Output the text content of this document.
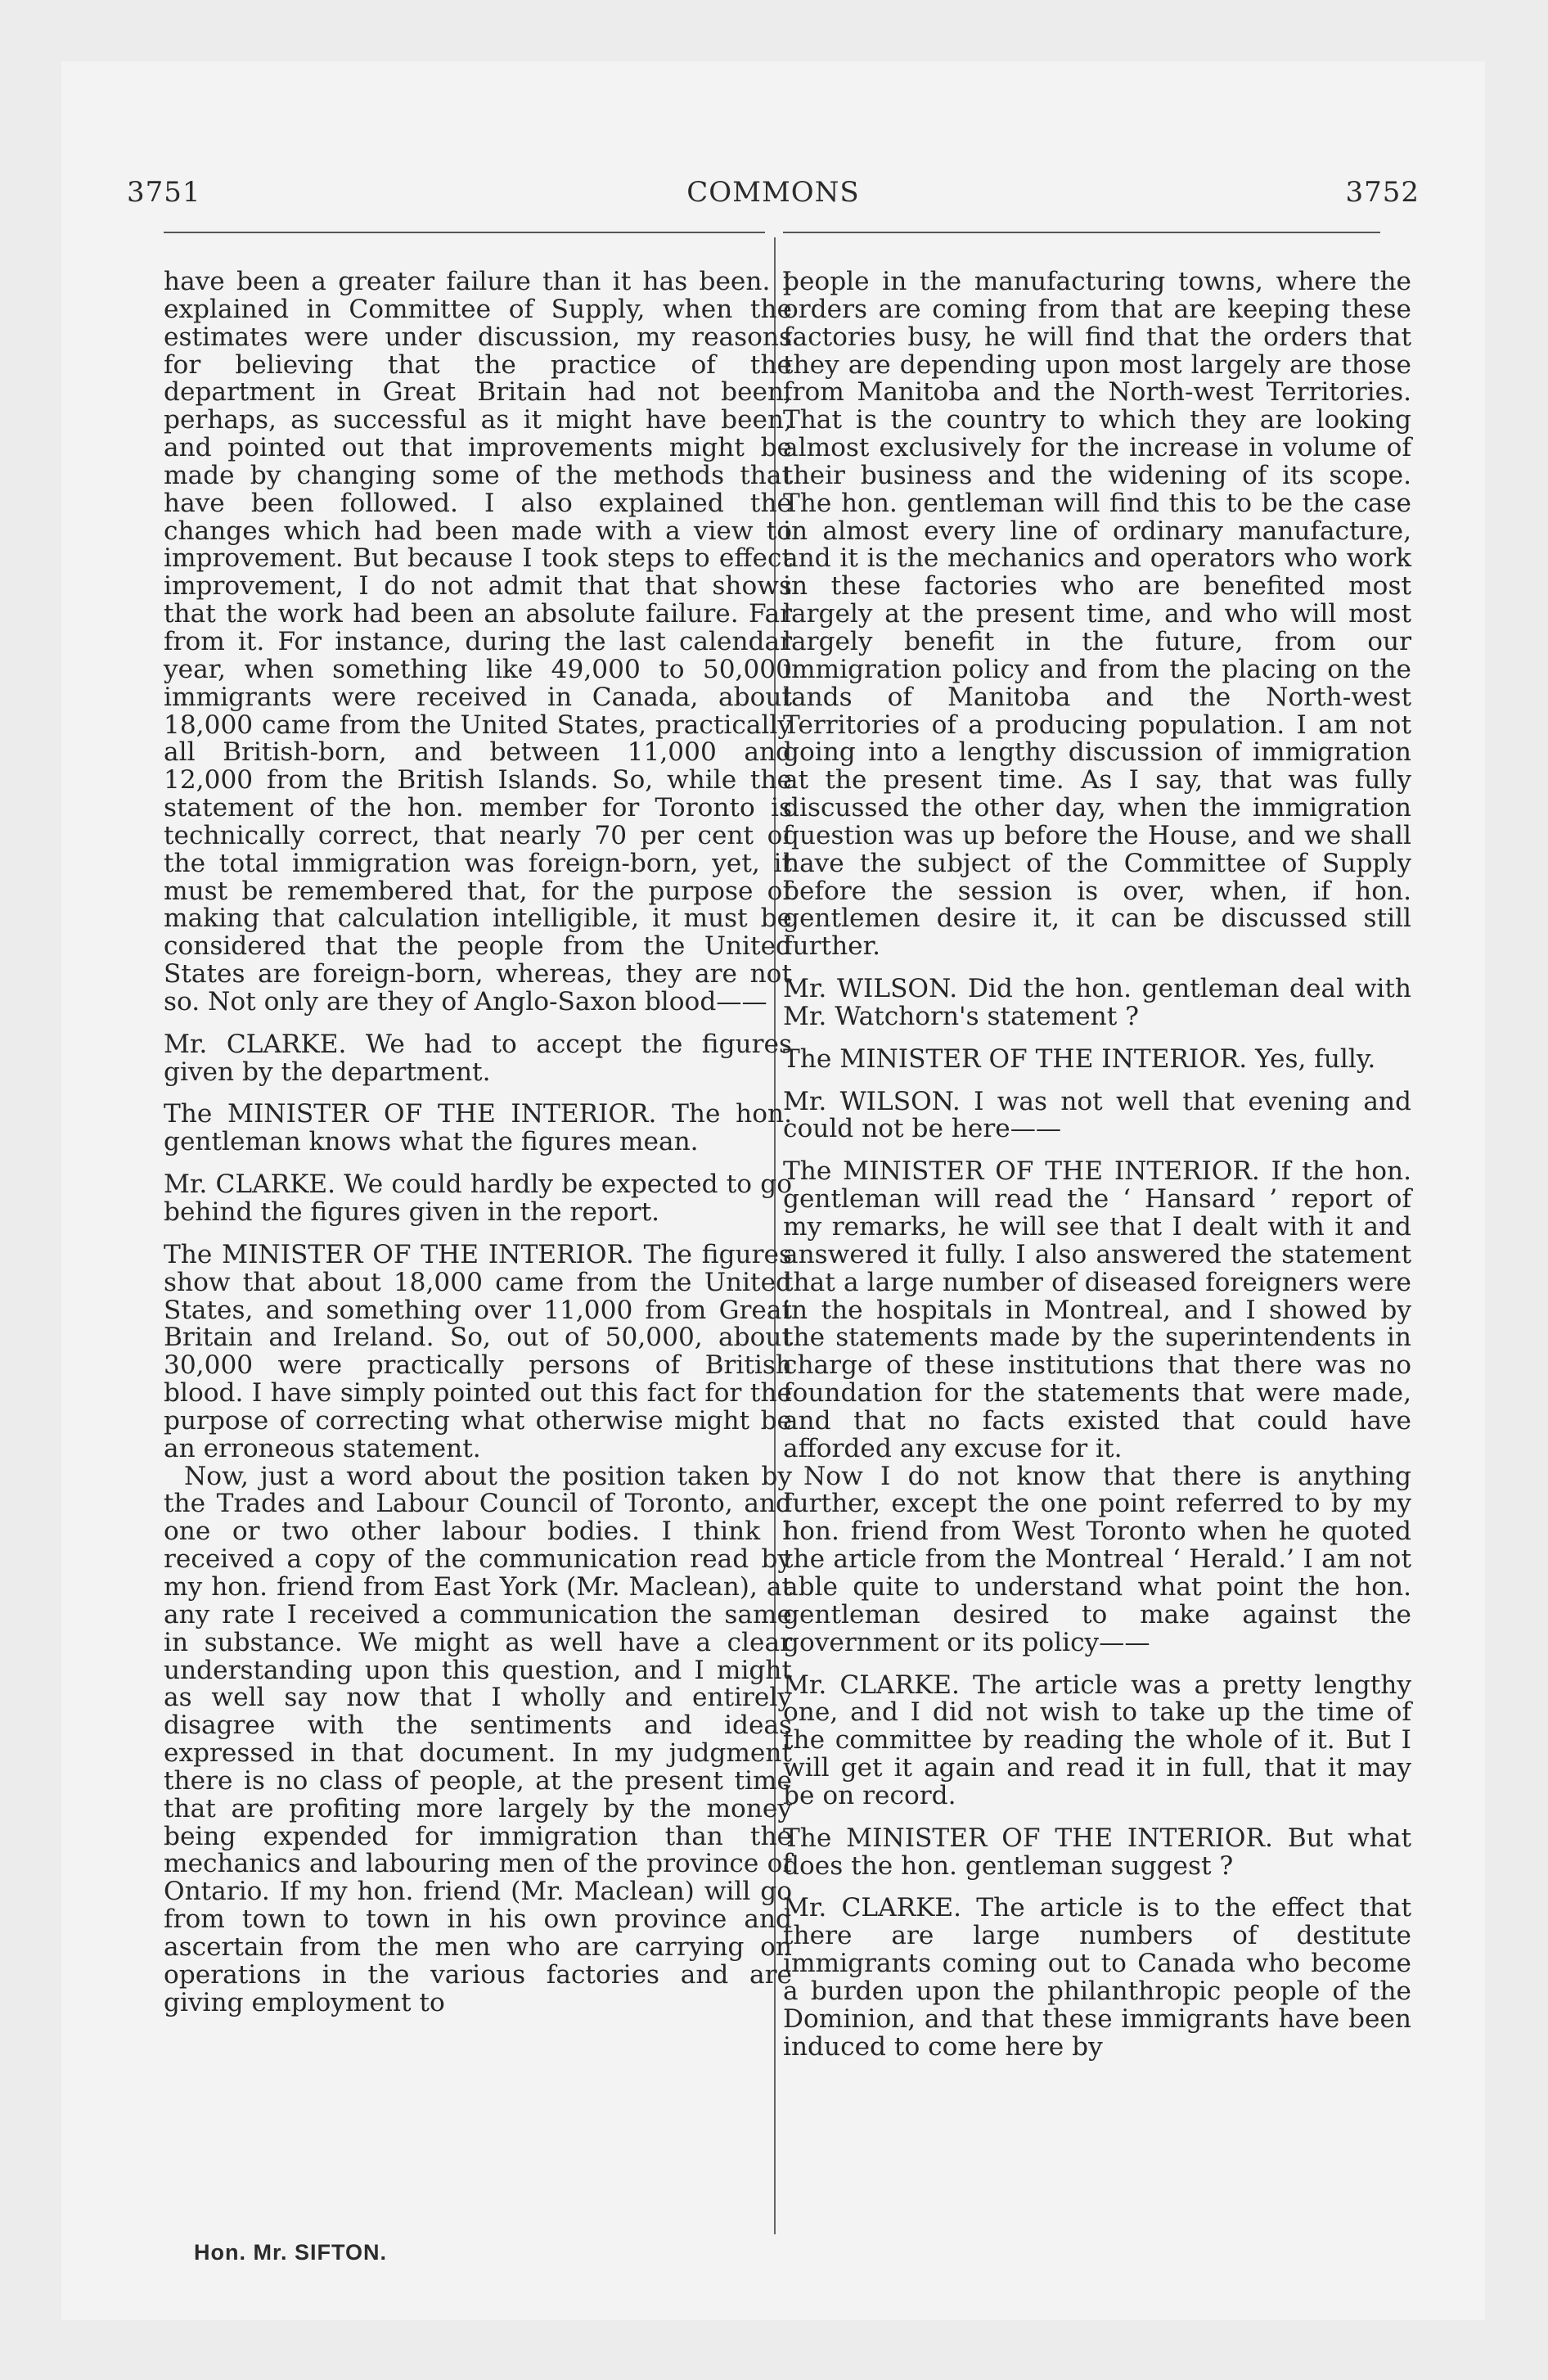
3751	COMMONS	3752

have been a greater failure than it has been. I explained in Committee of Supply, when the estimates were under discussion, my reasons for believing that the practice of the department in Great Britain had not been, perhaps, as successful as it might have been, and pointed out that improvements might be made by changing some of the methods that have been followed. I also explained the changes which had been made with a view to improvement. But because I took steps to effect improvement, I do not admit that that shows that the work had been an absolute failure. Far from it. For instance, during the last calendar year, when something like 49,000 to 50,000 immigrants were received in Canada, about 18,000 came from the United States, practically all British-born, and between 11,000 and 12,000 from the British Islands. So, while the statement of the hon. member for Toronto is technically correct, that nearly 70 per cent of the total immigration was foreign-born, yet, it must be remembered that, for the purpose of making that calculation intelligible, it must be considered that the people from the United States are foreign-born, whereas, they are not so. Not only are they of Anglo-Saxon blood——

Mr. CLARKE. We had to accept the figures given by the department.

The MINISTER OF THE INTERIOR. The hon. gentleman knows what the figures mean.

Mr. CLARKE. We could hardly be expected to go behind the figures given in the report.

The MINISTER OF THE INTERIOR. The figures show that about 18,000 came from the United States, and something over 11,000 from Great Britain and Ireland. So, out of 50,000, about 30,000 were practically persons of British blood. I have simply pointed out this fact for the purpose of correcting what otherwise might be an erroneous statement.

Now, just a word about the position taken by the Trades and Labour Council of Toronto, and one or two other labour bodies. I think I received a copy of the communication read by my hon. friend from East York (Mr. Maclean), at any rate I received a communication the same in substance. We might as well have a clear understanding upon this question, and I might as well say now that I wholly and entirely disagree with the sentiments and ideas expressed in that document. In my judgment there is no class of people, at the present time that are profiting more largely by the money being expended for immigration than the mechanics and labouring men of the province of Ontario. If my hon. friend (Mr. Maclean) will go from town to town in his own province and ascertain from the men who are carrying on operations in the various factories and are giving employment to

people in the manufacturing towns, where the orders are coming from that are keeping these factories busy, he will find that the orders that they are depending upon most largely are those from Manitoba and the North-west Territories. That is the country to which they are looking almost exclusively for the increase in volume of their business and the widening of its scope. The hon. gentleman will find this to be the case in almost every line of ordinary manufacture, and it is the mechanics and operators who work in these factories who are benefited most largely at the present time, and who will most largely benefit in the future, from our immigration policy and from the placing on the lands of Manitoba and the North-west Territories of a producing population. I am not going into a lengthy discussion of immigration at the present time. As I say, that was fully discussed the other day, when the immigration question was up before the House, and we shall have the subject of the Committee of Supply before the session is over, when, if hon. gentlemen desire it, it can be discussed still further.

Mr. WILSON. Did the hon. gentleman deal with Mr. Watchorn's statement ?

The MINISTER OF THE INTERIOR. Yes, fully.

Mr. WILSON. I was not well that evening and could not be here——

The MINISTER OF THE INTERIOR. If the hon. gentleman will read the ‘ Hansard ’ report of my remarks, he will see that I dealt with it and answered it fully. I also answered the statement that a large number of diseased foreigners were in the hospitals in Montreal, and I showed by the statements made by the superintendents in charge of these institutions that there was no foundation for the statements that were made, and that no facts existed that could have afforded any excuse for it.

Now I do not know that there is anything further, except the one point referred to by my hon. friend from West Toronto when he quoted the article from the Montreal ‘ Herald.’ I am not able quite to understand what point the hon. gentleman desired to make against the government or its policy——

Mr. CLARKE. The article was a pretty lengthy one, and I did not wish to take up the time of the committee by reading the whole of it. But I will get it again and read it in full, that it may be on record.

The MINISTER OF THE INTERIOR. But what does the hon. gentleman suggest ?

Mr. CLARKE. The article is to the effect that there are large numbers of destitute immigrants coming out to Canada who become a burden upon the philanthropic people of the Dominion, and that these immigrants have been induced to come here by

Hon. Mr. SIFTON.
